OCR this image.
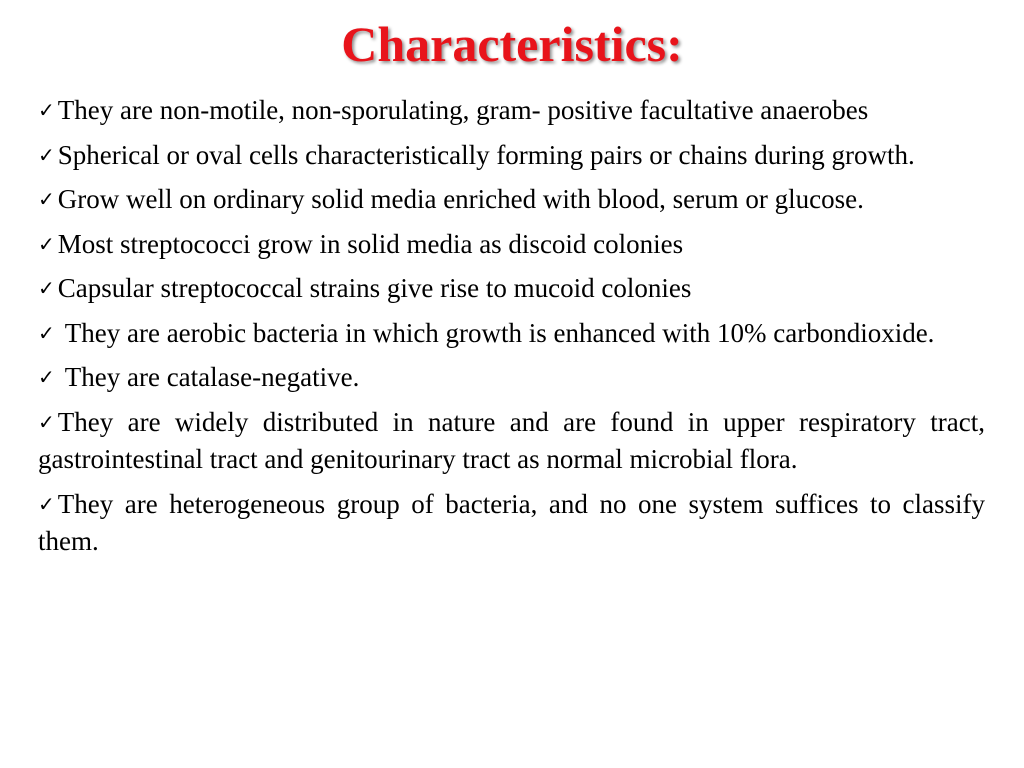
Characteristics:
✓ They are non-motile, non-sporulating, gram- positive facultative anaerobes
✓ Spherical or oval cells characteristically forming pairs or chains during growth.
✓ Grow well on ordinary solid media enriched with blood, serum or glucose.
✓ Most streptococci grow in solid media as discoid colonies
✓ Capsular streptococcal strains give rise to mucoid colonies
✓ They are aerobic bacteria in which growth is enhanced with 10% carbondioxide.
✓ They are catalase-negative.
✓ They are widely distributed in nature and are found in upper respiratory tract, gastrointestinal tract and genitourinary tract as normal microbial flora.
✓ They are heterogeneous group of bacteria, and no one system suffices to classify them.
